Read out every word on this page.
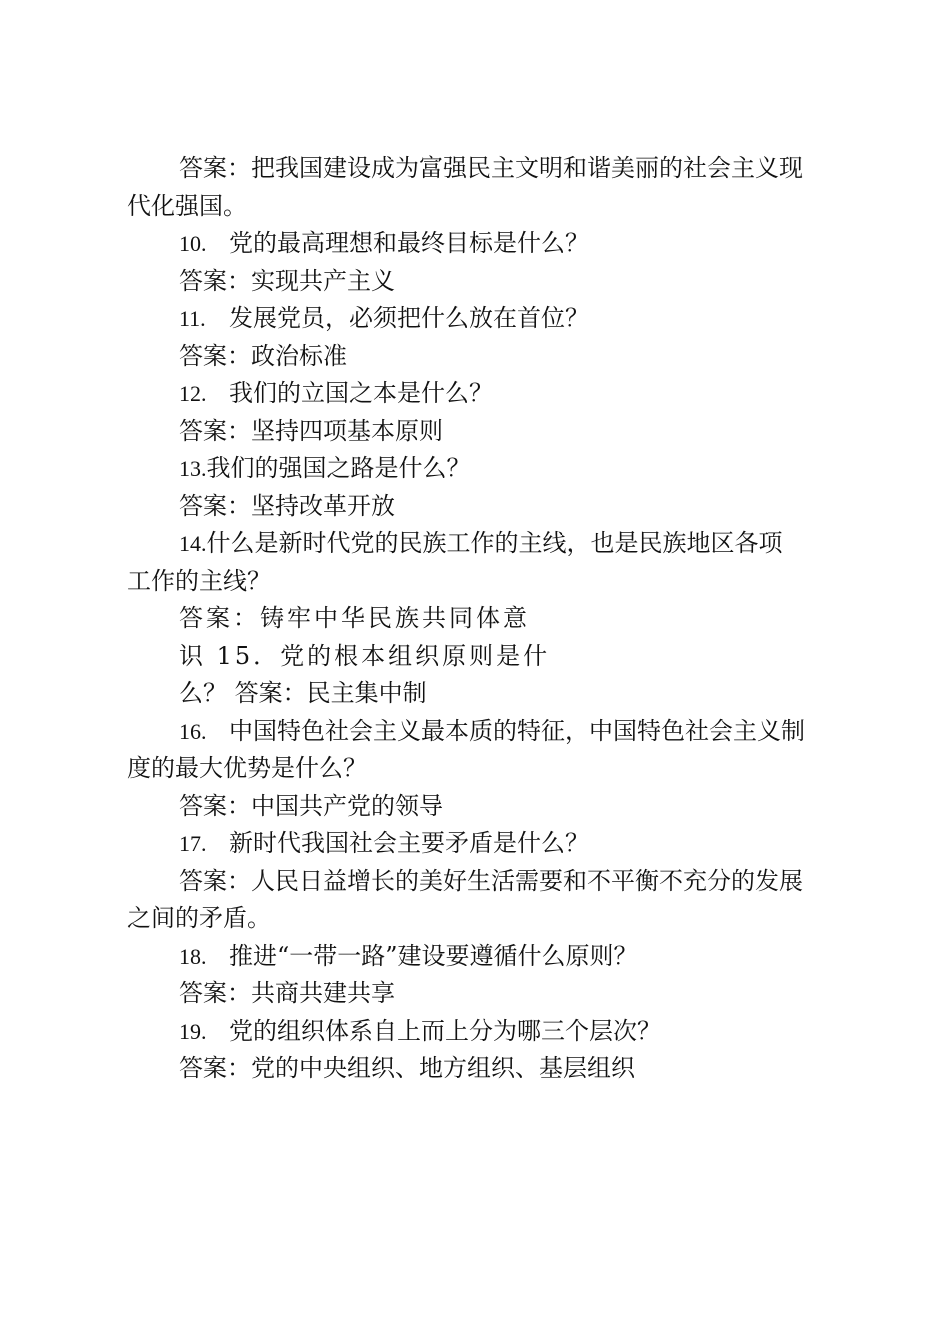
答案：把我国建设成为富强民主文明和谐美丽的社会主义现
代化强国。
10. 党的最高理想和最终目标是什么？
答案：实现共产主义
11. 发展党员，必须把什么放在首位？
答案：政治标准
12. 我们的立国之本是什么？
答案：坚持四项基本原则
13.我们的强国之路是什么？
答案：坚持改革开放
14.什么是新时代党的民族工作的主线，也是民族地区各项
工作的主线？
答案：铸牢中华民族共同体意
识 15．党的根本组织原则是什
么？ 答案：民主集中制
16. 中国特色社会主义最本质的特征，中国特色社会主义制
度的最大优势是什么？
答案：中国共产党的领导
17. 新时代我国社会主要矛盾是什么？
答案：人民日益增长的美好生活需要和不平衡不充分的发展
之间的矛盾。
18. 推进“一带一路”建设要遵循什么原则？
答案：共商共建共享
19. 党的组织体系自上而上分为哪三个层次？
答案：党的中央组织、地方组织、基层组织
